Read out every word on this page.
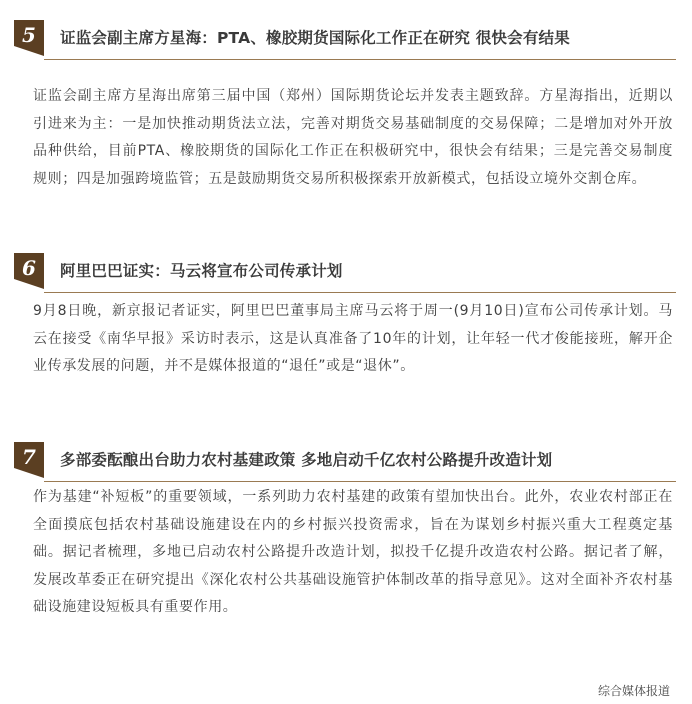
5 证监会副主席方星海：PTA、橡胶期货国际化工作正在研究 很快会有结果
证监会副主席方星海出席第三届中国（郑州）国际期货论坛并发表主题致辞。方星海指出，近期以引进来为主：一是加快推动期货法立法，完善对期货交易基础制度的交易保障；二是增加对外开放品种供给，目前PTA、橡胶期货的国际化工作正在积极研究中，很快会有结果；三是完善交易制度规则；四是加强跨境监管；五是鼓励期货交易所积极探索开放新模式，包括设立境外交割仓库。
6 阿里巴巴证实：马云将宣布公司传承计划
9月8日晚，新京报记者证实，阿里巴巴董事局主席马云将于周一(9月10日)宣布公司传承计划。马云在接受《南华早报》采访时表示，这是认真准备了10年的计划，让年轻一代才俊能接班，解开企业传承发展的问题，并不是媒体报道的“退任”或是“退休”。
7 多部委酝酿出台助力农村基建政策 多地启动千亿农村公路提升改造计划
作为基建“补短板”的重要领域，一系列助力农村基建的政策有望加快出台。此外，农业农村部正在全面摸底包括农村基础设施建设在内的乡村振兴投资需求，旨在为谋划乡村振兴重大工程奠定基础。据记者梳理，多地已启动农村公路提升改造计划，拟投千亿提升改造农村公路。据记者了解，发展改革委正在研究提出《深化农村公共基础设施管护体制改革的指导意见》。这对全面补齐农村基础设施建设短板具有重要作用。
综合媒体报道
